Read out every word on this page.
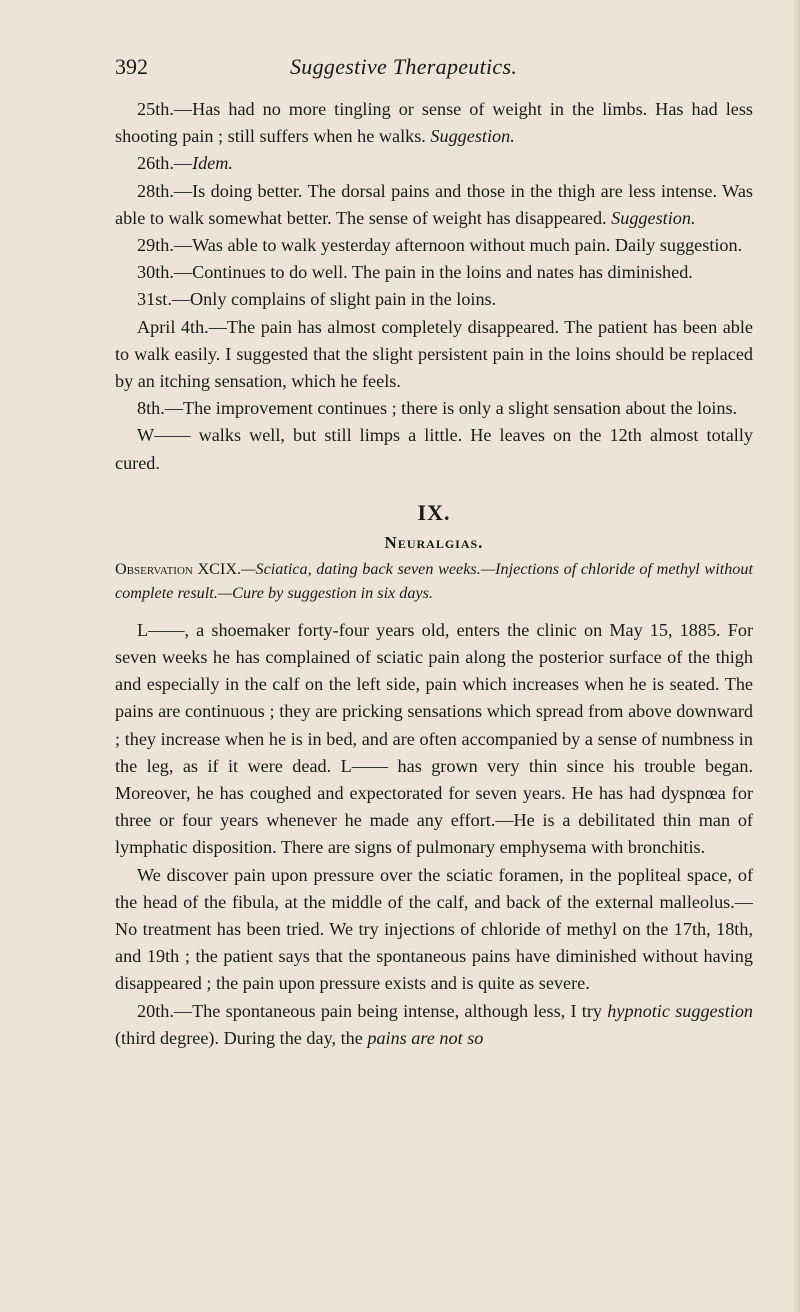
392	Suggestive Therapeutics.

25th.—Has had no more tingling or sense of weight in the limbs. Has had less shooting pain ; still suffers when he walks. Suggestion.

26th.—Idem.

28th.—Is doing better. The dorsal pains and those in the thigh are less intense. Was able to walk somewhat better. The sense of weight has disappeared. Suggestion.

29th.—Was able to walk yesterday afternoon without much pain. Daily suggestion.

30th.—Continues to do well. The pain in the loins and nates has diminished.

31st.—Only complains of slight pain in the loins.

April 4th.—The pain has almost completely disappeared. The patient has been able to walk easily. I suggested that the slight persistent pain in the loins should be replaced by an itching sensation, which he feels.

8th.—The improvement continues ; there is only a slight sensation about the loins.

W—— walks well, but still limps a little. He leaves on the 12th almost totally cured.

IX.
Neuralgias.

Observation XCIX.—Sciatica, dating back seven weeks.—Injections of chloride of methyl without complete result.—Cure by suggestion in six days.

L——, a shoemaker forty-four years old, enters the clinic on May 15, 1885. For seven weeks he has complained of sciatic pain along the posterior surface of the thigh and especially in the calf on the left side, pain which increases when he is seated. The pains are continuous ; they are pricking sensations which spread from above downward ; they increase when he is in bed, and are often accompanied by a sense of numbness in the leg, as if it were dead. L—— has grown very thin since his trouble began. Moreover, he has coughed and expectorated for seven years. He has had dyspnœa for three or four years whenever he made any effort.—He is a debilitated thin man of lymphatic disposition. There are signs of pulmonary emphysema with bronchitis.

We discover pain upon pressure over the sciatic foramen, in the popliteal space, of the head of the fibula, at the middle of the calf, and back of the external malleolus.—No treatment has been tried. We try injections of chloride of methyl on the 17th, 18th, and 19th ; the patient says that the spontaneous pains have diminished without having disappeared ; the pain upon pressure exists and is quite as severe.

20th.—The spontaneous pain being intense, although less, I try hypnotic suggestion (third degree). During the day, the pains are not so
